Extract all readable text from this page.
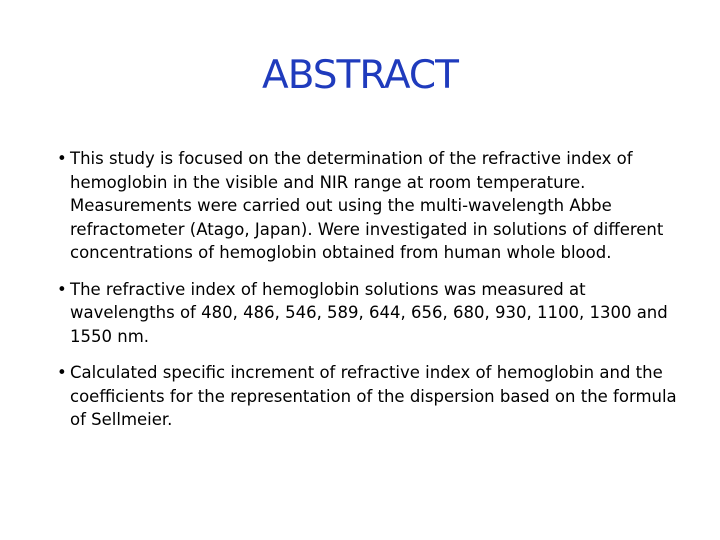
ABSTRACT
• This study is focused on the determination of the refractive index of hemoglobin in the visible and NIR range at room temperature. Measurements were carried out using the multi-wavelength Abbe refractometer (Atago, Japan). Were investigated in solutions of different concentrations of hemoglobin obtained from human whole blood.
• The refractive index of hemoglobin solutions was measured at wavelengths of 480, 486, 546, 589, 644, 656, 680, 930, 1100, 1300 and 1550 nm.
• Calculated specific increment of refractive index of hemoglobin and the coefficients for the representation of the dispersion based on the formula of Sellmeier.
